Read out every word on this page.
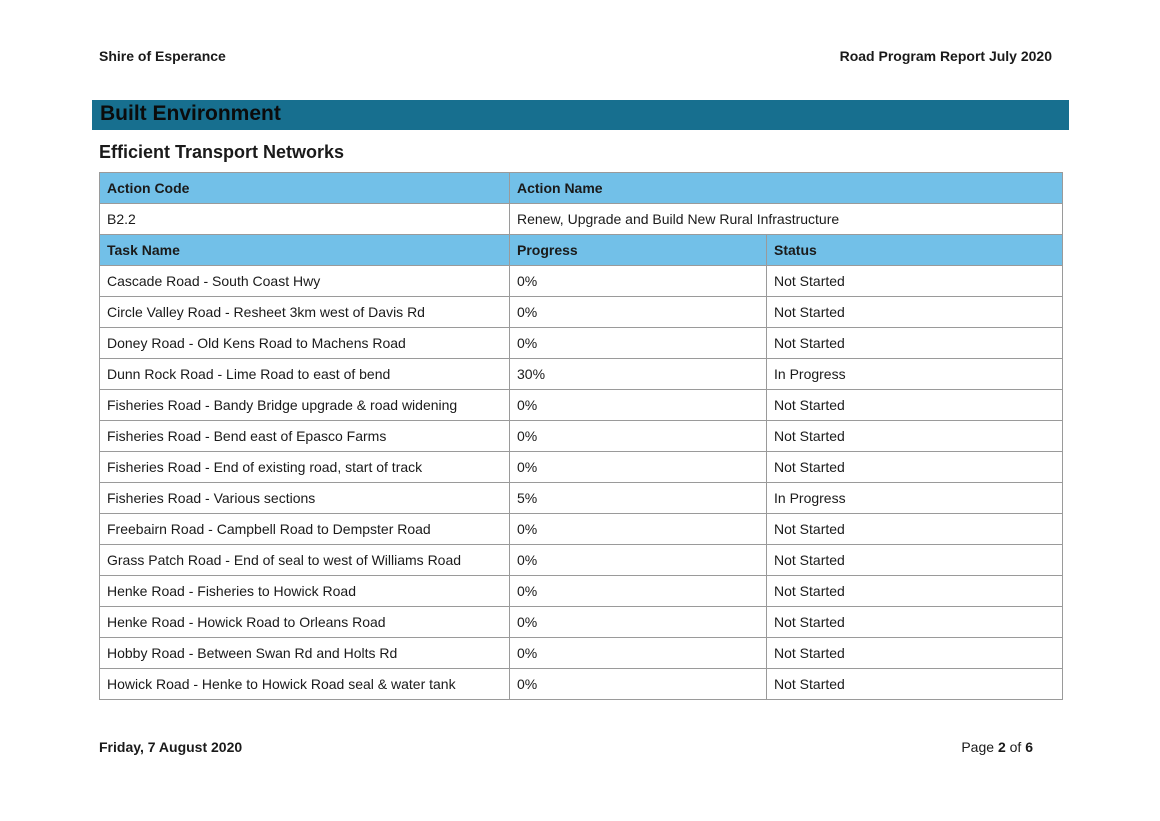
Shire of Esperance	Road Program Report July 2020
Built Environment
Efficient Transport Networks
Action Code	Action Name	
B2.2	Renew, Upgrade and Build New Rural Infrastructure	
Task Name	Progress	Status
Cascade Road - South Coast Hwy	0%	Not Started
Circle Valley Road - Resheet 3km west of Davis Rd	0%	Not Started
Doney Road - Old Kens Road to Machens Road	0%	Not Started
Dunn Rock Road - Lime Road to east of bend	30%	In Progress
Fisheries Road - Bandy Bridge upgrade & road widening	0%	Not Started
Fisheries Road - Bend east of Epasco Farms	0%	Not Started
Fisheries Road - End of existing road, start of track	0%	Not Started
Fisheries Road - Various sections	5%	In Progress
Freebairn Road - Campbell Road to Dempster Road	0%	Not Started
Grass Patch Road - End of seal to west of Williams Road	0%	Not Started
Henke Road - Fisheries to Howick Road	0%	Not Started
Henke Road - Howick Road to Orleans Road	0%	Not Started
Hobby Road - Between Swan Rd and Holts Rd	0%	Not Started
Howick Road - Henke to Howick Road seal & water tank	0%	Not Started
Friday, 7 August 2020	Page 2 of 6
